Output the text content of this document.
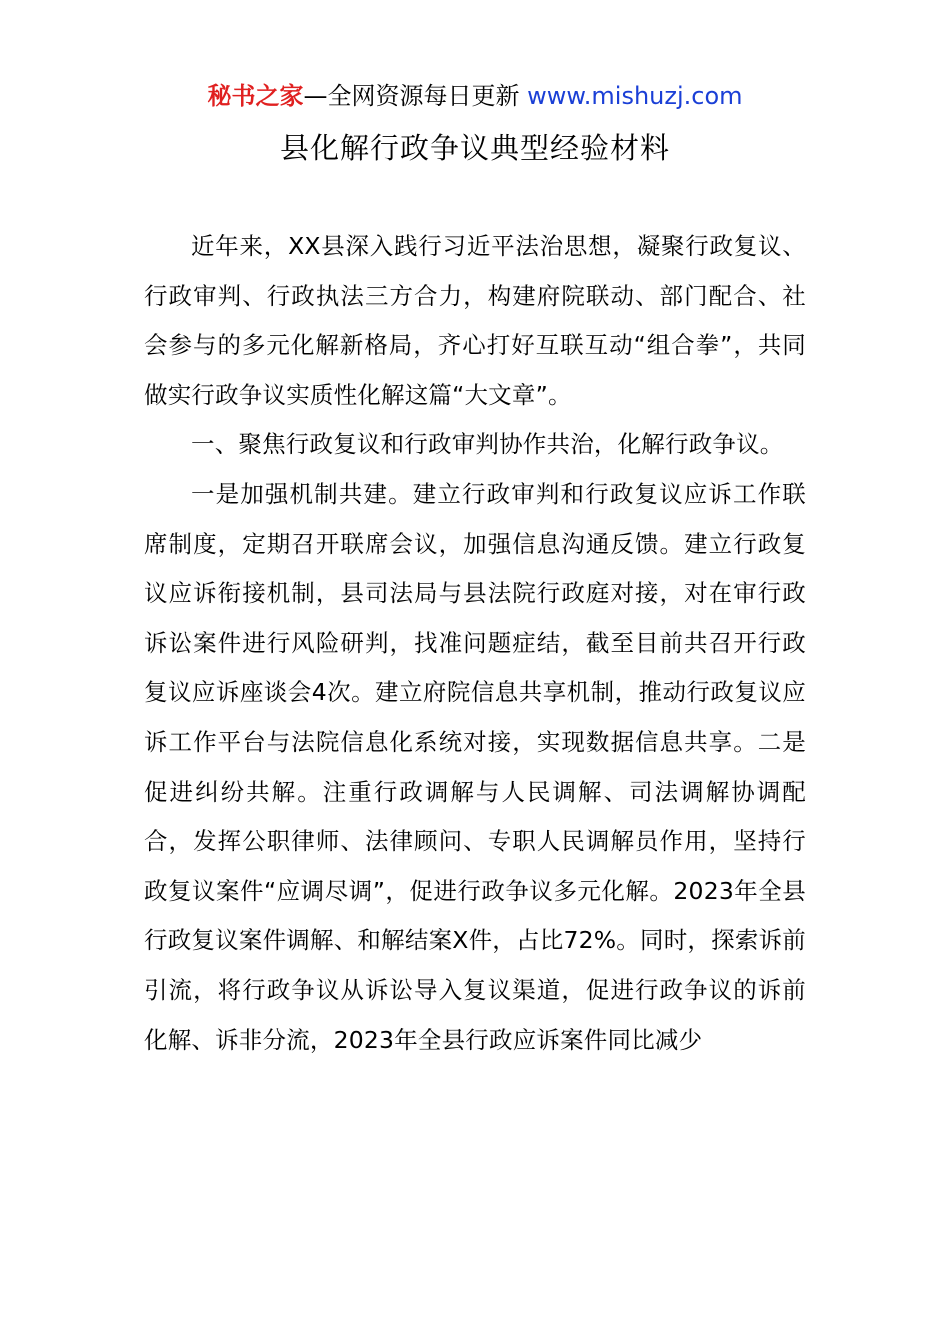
秘书之家—全网资源每日更新 www.mishuzj.com
县化解行政争议典型经验材料

近年来，XX县深入践行习近平法治思想，凝聚行政复议、行政审判、行政执法三方合力，构建府院联动、部门配合、社会参与的多元化解新格局，齐心打好互联互动“组合拳”，共同做实行政争议实质性化解这篇“大文章”。

一、聚焦行政复议和行政审判协作共治，化解行政争议。

一是加强机制共建。建立行政审判和行政复议应诉工作联席制度，定期召开联席会议，加强信息沟通反馈。建立行政复议应诉衔接机制，县司法局与县法院行政庭对接，对在审行政诉讼案件进行风险研判，找准问题症结，截至目前共召开行政复议应诉座谈会4次。建立府院信息共享机制，推动行政复议应诉工作平台与法院信息化系统对接，实现数据信息共享。二是促进纠纷共解。注重行政调解与人民调解、司法调解协调配合，发挥公职律师、法律顾问、专职人民调解员作用，坚持行政复议案件“应调尽调”，促进行政争议多元化解。2023年全县行政复议案件调解、和解结案X件，占比72%。同时，探索诉前引流，将行政争议从诉讼导入复议渠道，促进行政争议的诉前化解、诉非分流，2023年全县行政应诉案件同比减少
